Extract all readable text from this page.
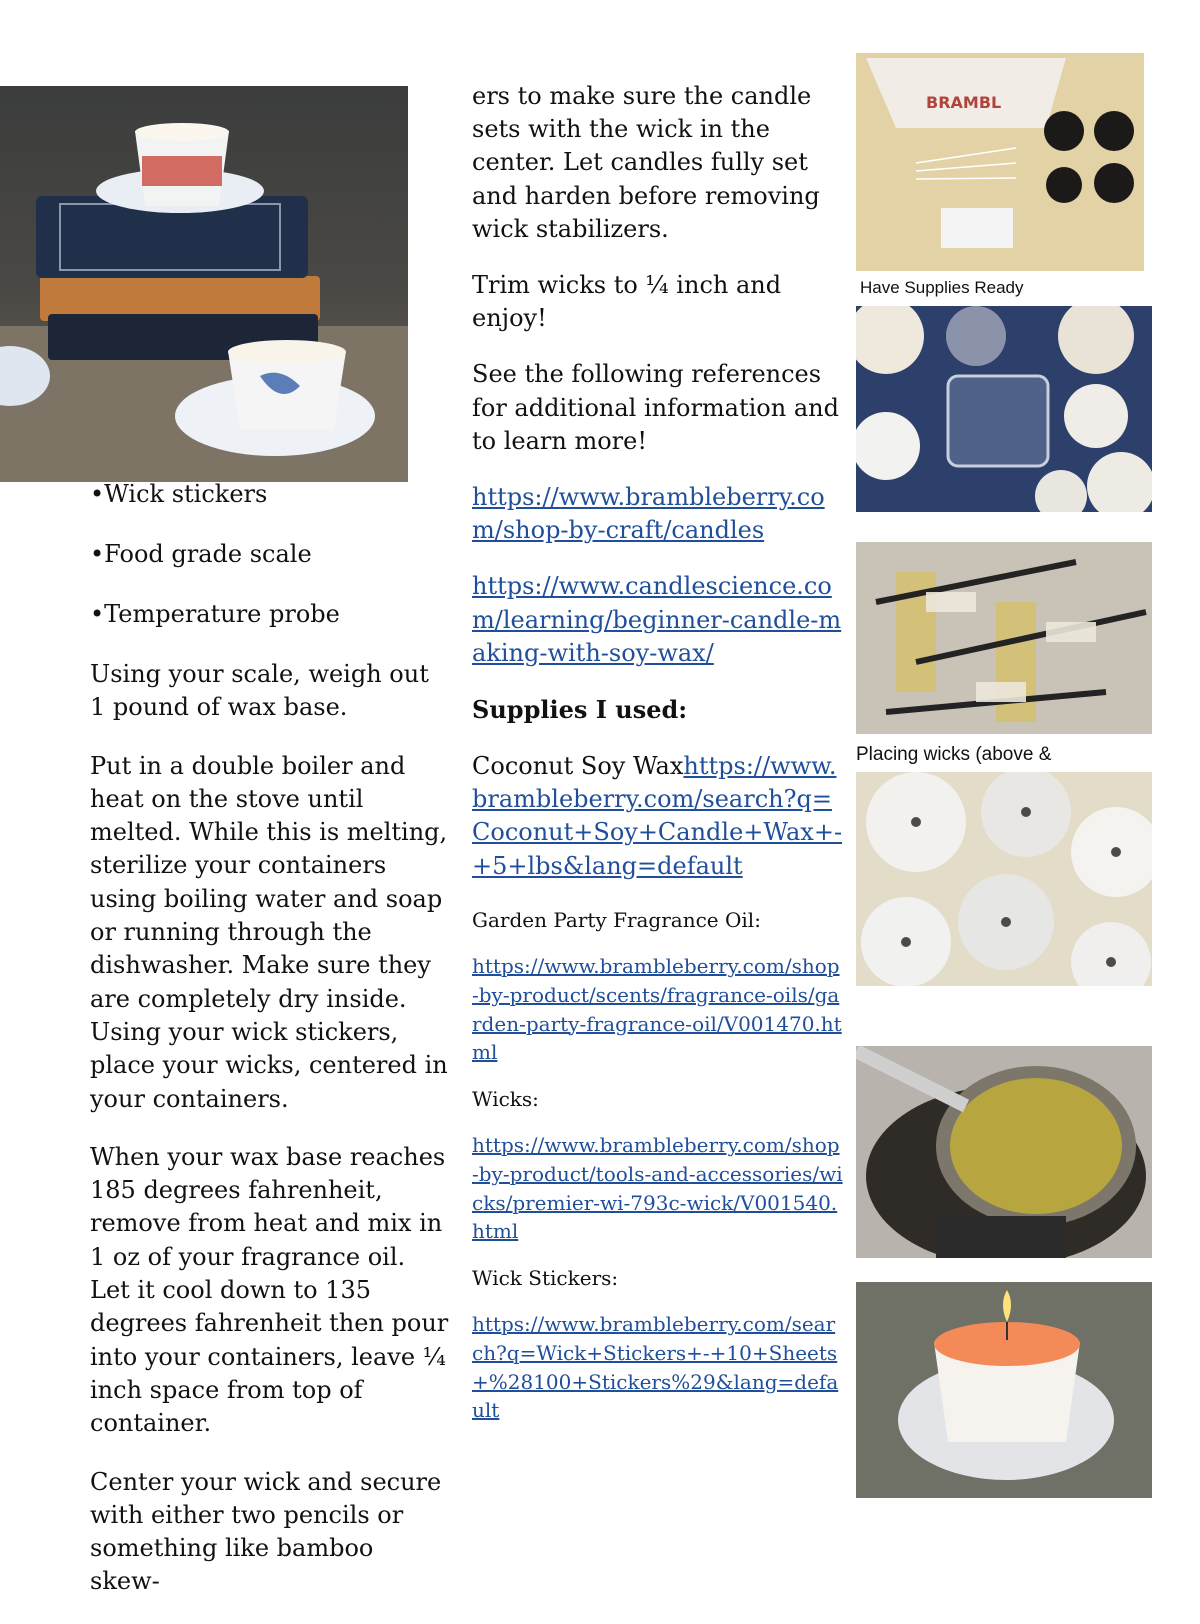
•Wick stickers
•Food grade scale
•Temperature probe

Using your scale, weigh out 1 pound of wax base.

Put in a double boiler and heat on the stove until melted. While this is melting, sterilize your containers using boiling water and soap or running through the dishwasher. Make sure they are completely dry inside. Using your wick stickers, place your wicks, centered in your containers.

When your wax base reaches 185 degrees fahrenheit, remove from heat and mix in 1 oz of your fragrance oil. Let it cool down to 135 degrees fahrenheit then pour into your containers, leave ¼ inch space from top of container.

Center your wick and secure with either two pencils or something like bamboo skew-

ers to make sure the candle sets with the wick in the center. Let candles fully set and harden before removing wick stabilizers.

Trim wicks to ¼ inch and enjoy!

See the following references for additional information and to learn more!

https://www.brambleberry.com/shop-by-craft/candles

https://www.candlescience.com/learning/beginner-candle-making-with-soy-wax/

Supplies I used:

Coconut Soy Waxhttps://www.brambleberry.com/search?q=Coconut+Soy+Candle+Wax+-+5+lbs&lang=default

Garden Party Fragrance Oil:

https://www.brambleberry.com/shop-by-product/scents/fragrance-oils/garden-party-fragrance-oil/V001470.html

Wicks:

https://www.brambleberry.com/shop-by-product/tools-and-accessories/wicks/premier-wi-793c-wick/V001540.html

Wick Stickers:

https://www.brambleberry.com/search?q=Wick+Stickers+-+10+Sheets+%28100+Stickers%29&lang=default

BRAMBL
Have Supplies Ready
Placing wicks (above &
